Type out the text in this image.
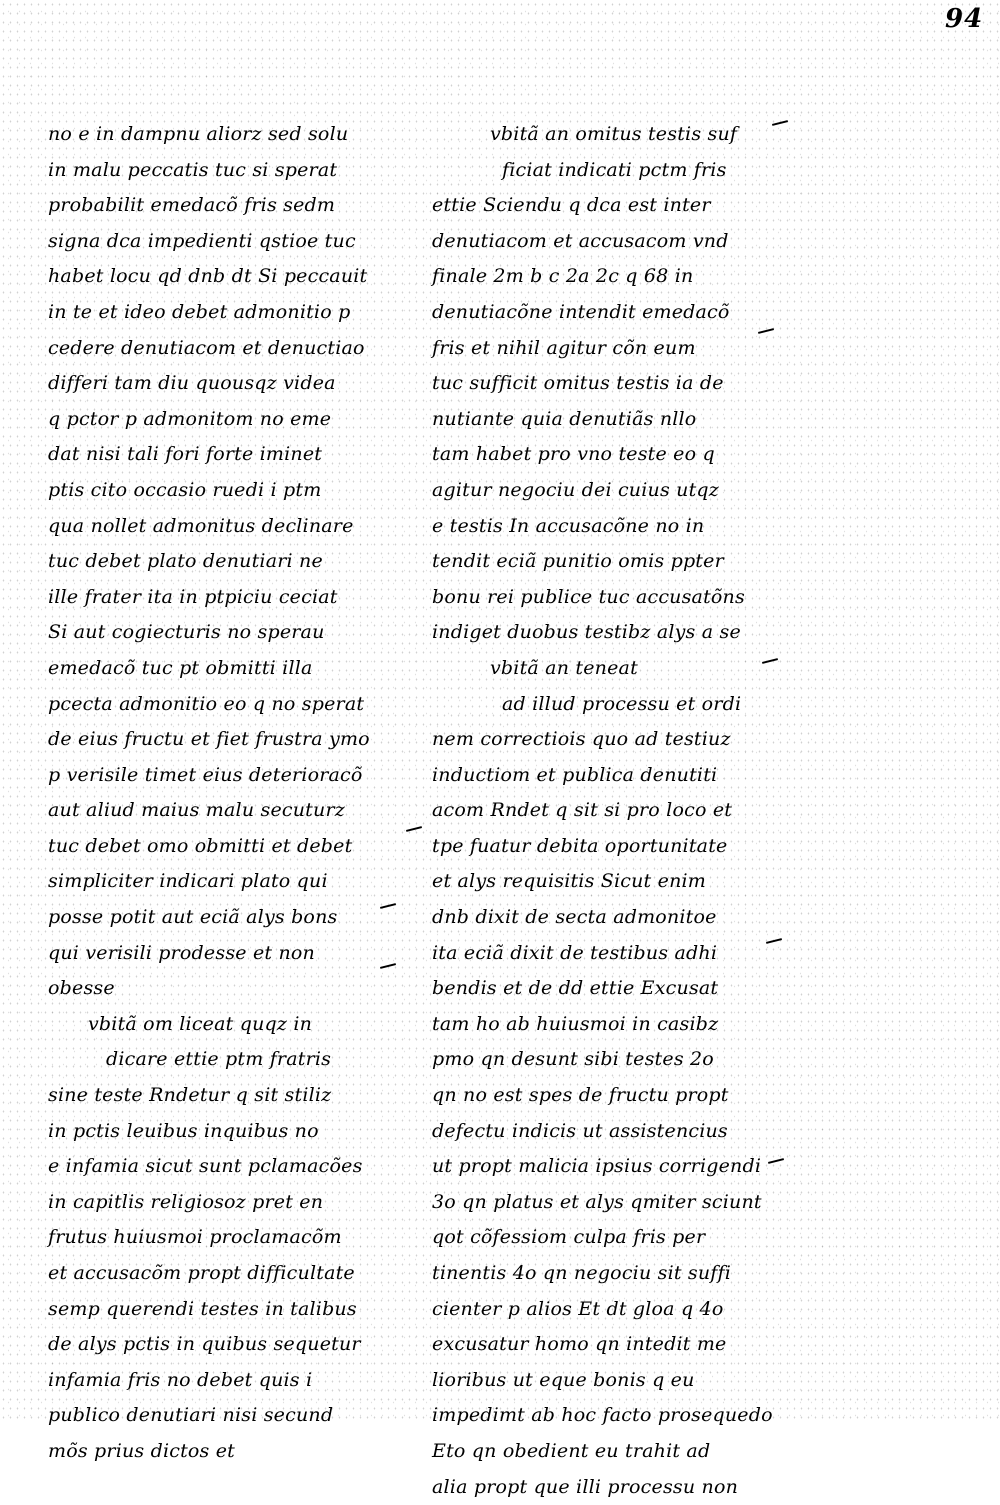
94
no e in dampnu aliorz sed solu
in malu peccatis tuc si sperat
probabilit emedacõ fris sedm
signa dca impedienti qstioe tuc
habet locu qd dnb dt Si peccauit
in te et ideo debet admonitio p
cedere denutiacom et denuctiao
differi tam diu quousqz videa
q pctor p admonitom no eme
dat nisi tali fori forte iminet
ptis cito occasio ruedi i ptm
qua nollet admonitus declinare
tuc debet plato denutiari ne
ille frater ita in ptpiciu ceciat
Si aut cogiecturis no sperau
emedacõ tuc pt obmitti illa
pcecta admonitio eo q no sperat
de eius fructu et fiet frustra ymo
p verisile timet eius deterioracõ
aut aliud maius malu secuturz
tuc debet omo obmitti et debet
simpliciter indicari plato qui
posse potit aut eciã alys bons
qui verisili prodesse et non
obesse
vbitã om liceat quqz in
dicare ettie ptm fratris
sine teste Rndetur q sit stiliz
in pctis leuibus inquibus no
e infamia sicut sunt pclamacões
in capitlis religiosoz pret en
frutus huiusmoi proclamacõm
et accusacõm propt difficultate
semp querendi testes in talibus
de alys pctis in quibus sequetur
infamia fris no debet quis i
publico denutiari nisi secund
mõs prius dictos et
vbitã an omitus testis suf
ficiat indicati pctm fris
ettie Sciendu q dca est inter
denutiacom et accusacom vnd
finale 2m b c 2a 2c q 68 in
denutiacõne intendit emedacõ
fris et nihil agitur cõn eum
tuc sufficit omitus testis ia de
nutiante quia denutiãs nllo
tam habet pro vno teste eo q
agitur negociu dei cuius utqz
e testis In accusacõne no in
tendit eciã punitio omis ppter
bonu rei publice tuc accusatõns
indiget duobus testibz alys a se
vbitã an teneat
ad illud processu et ordi
nem correctiois quo ad testiuz
inductiom et publica denutiti
acom Rndet q sit si pro loco et
tpe fuatur debita oportunitate
et alys requisitis Sicut enim
dnb dixit de secta admonitoe
ita eciã dixit de testibus adhi
bendis et de dd ettie Excusat
tam ho ab huiusmoi in casibz
pmo qn desunt sibi testes 2o
qn no est spes de fructu propt
defectu indicis ut assistencius
ut propt malicia ipsius corrigendi
3o qn platus et alys qmiter sciunt
qot cõfessiom culpa fris per
tinentis 4o qn negociu sit suffi
cienter p alios Et dt gloa q 4o
excusatur homo qn intedit me
lioribus ut eque bonis q eu
impedimt ab hoc facto prosequedo
Eto qn obedient eu trahit ad
alia propt que illi processu non
